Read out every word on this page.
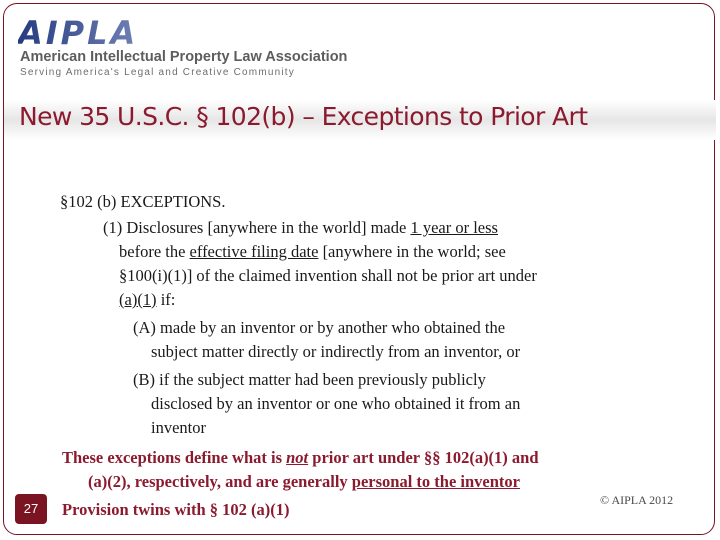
AIPLA

American Intellectual Property Law Association

Serving America's Legal and Creative Community

New 35 U.S.C. § 102(b) – Exceptions to Prior Art

§102 (b) EXCEPTIONS.

(1) Disclosures [anywhere in the world] made 1 year or less

before the effective filing date [anywhere in the world; see

§100(i)(1)] of the claimed invention shall not be prior art under

(a)(1) if:

(A) made by an inventor or by another who obtained the

subject matter directly or indirectly from an inventor, or

(B) if the subject matter had been previously publicly

disclosed by an inventor or one who obtained it from an

inventor

These exceptions define what is not prior art under §§ 102(a)(1) and

(a)(2), respectively, and are generally personal to the inventor

Provision twins with § 102 (a)(1)

27

© AIPLA 2012
